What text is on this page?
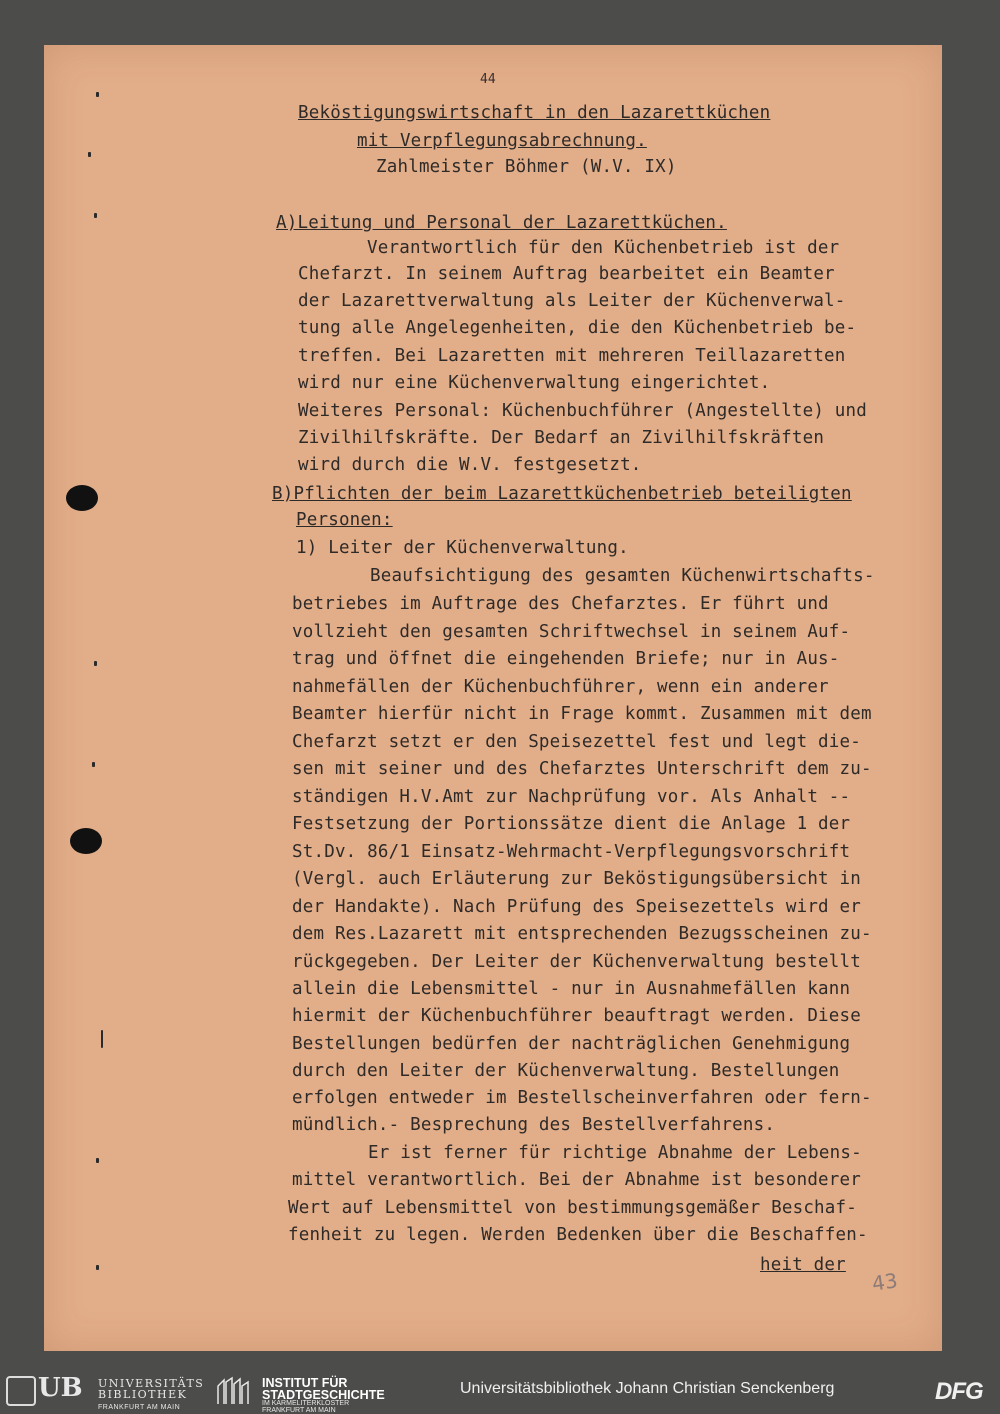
44
Beköstigungswirtschaft in den Lazarettküchen
mit Verpflegungsabrechnung.
Zahlmeister Böhmer (W.V. IX)
A)Leitung und Personal der Lazarettküchen.
Verantwortlich für den Küchenbetrieb ist der
Chefarzt. In seinem Auftrag bearbeitet ein Beamter
der Lazarettverwaltung als Leiter der Küchenverwal-
tung alle Angelegenheiten, die den Küchenbetrieb be-
treffen. Bei Lazaretten mit mehreren Teillazaretten
wird nur eine Küchenverwaltung eingerichtet.
Weiteres Personal: Küchenbuchführer (Angestellte) und
Zivilhilfskräfte. Der Bedarf an Zivilhilfskräften
wird durch die W.V. festgesetzt.
B)Pflichten der beim Lazarettküchenbetrieb beteiligten
Personen:
1) Leiter der Küchenverwaltung.
Beaufsichtigung des gesamten Küchenwirtschafts-
betriebes im Auftrage des Chefarztes. Er führt und
vollzieht den gesamten Schriftwechsel in seinem Auf-
trag und öffnet die eingehenden Briefe; nur in Aus-
nahmefällen der Küchenbuchführer, wenn ein anderer
Beamter hierfür nicht in Frage kommt. Zusammen mit dem
Chefarzt setzt er den Speisezettel fest und legt die-
sen mit seiner und des Chefarztes Unterschrift dem zu-
ständigen H.V.Amt zur Nachprüfung vor. Als Anhalt --
Festsetzung der Portionssätze dient die Anlage 1 der
St.Dv. 86/1 Einsatz-Wehrmacht-Verpflegungsvorschrift
(Vergl. auch Erläuterung zur Beköstigungsübersicht in
der Handakte). Nach Prüfung des Speisezettels wird er
dem Res.Lazarett mit entsprechenden Bezugsscheinen zu-
rückgegeben. Der Leiter der Küchenverwaltung bestellt
allein die Lebensmittel - nur in Ausnahmefällen kann
hiermit der Küchenbuchführer beauftragt werden. Diese
Bestellungen bedürfen der nachträglichen Genehmigung
durch den Leiter der Küchenverwaltung. Bestellungen
erfolgen entweder im Bestellscheinverfahren oder fern-
mündlich.- Besprechung des Bestellverfahrens.
Er ist ferner für richtige Abnahme der Lebens-
mittel verantwortlich. Bei der Abnahme ist besonderer
Wert auf Lebensmittel von bestimmungsgemäßer Beschaf-
fenheit zu legen. Werden Bedenken über die Beschaffen-
heit der
43
UB UNIVERSITÄTS
BIBLIOTHEK
FRANKFURT AM MAIN
INSTITUT FÜR
STADTGESCHICHTE
IM KARMELITERKLOSTER
FRANKFURT AM MAIN
Universitätsbibliothek Johann Christian Senckenberg	DFG
